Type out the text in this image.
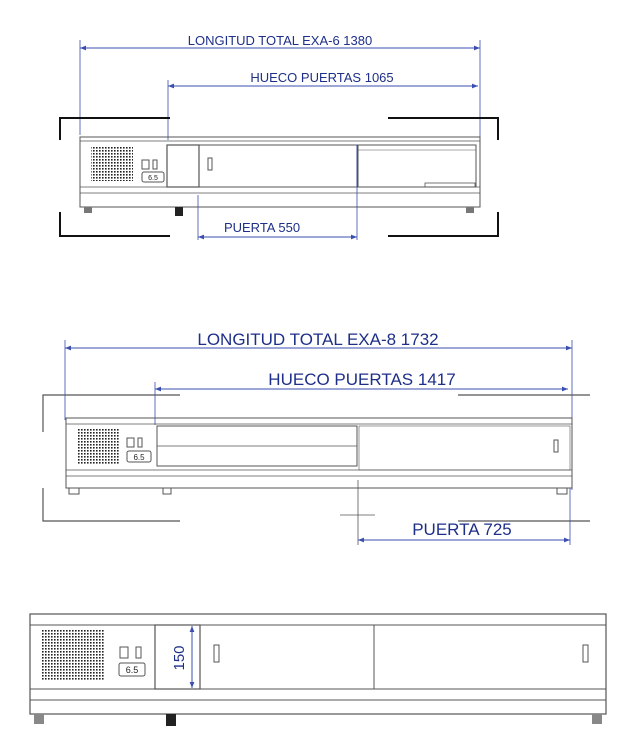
LONGITUD TOTAL EXA-6 1380
HUECO PUERTAS 1065
6.5
PUERTA 550
LONGITUD TOTAL EXA-8 1732
HUECO PUERTAS 1417
6.5
PUERTA 725
6.5 150
